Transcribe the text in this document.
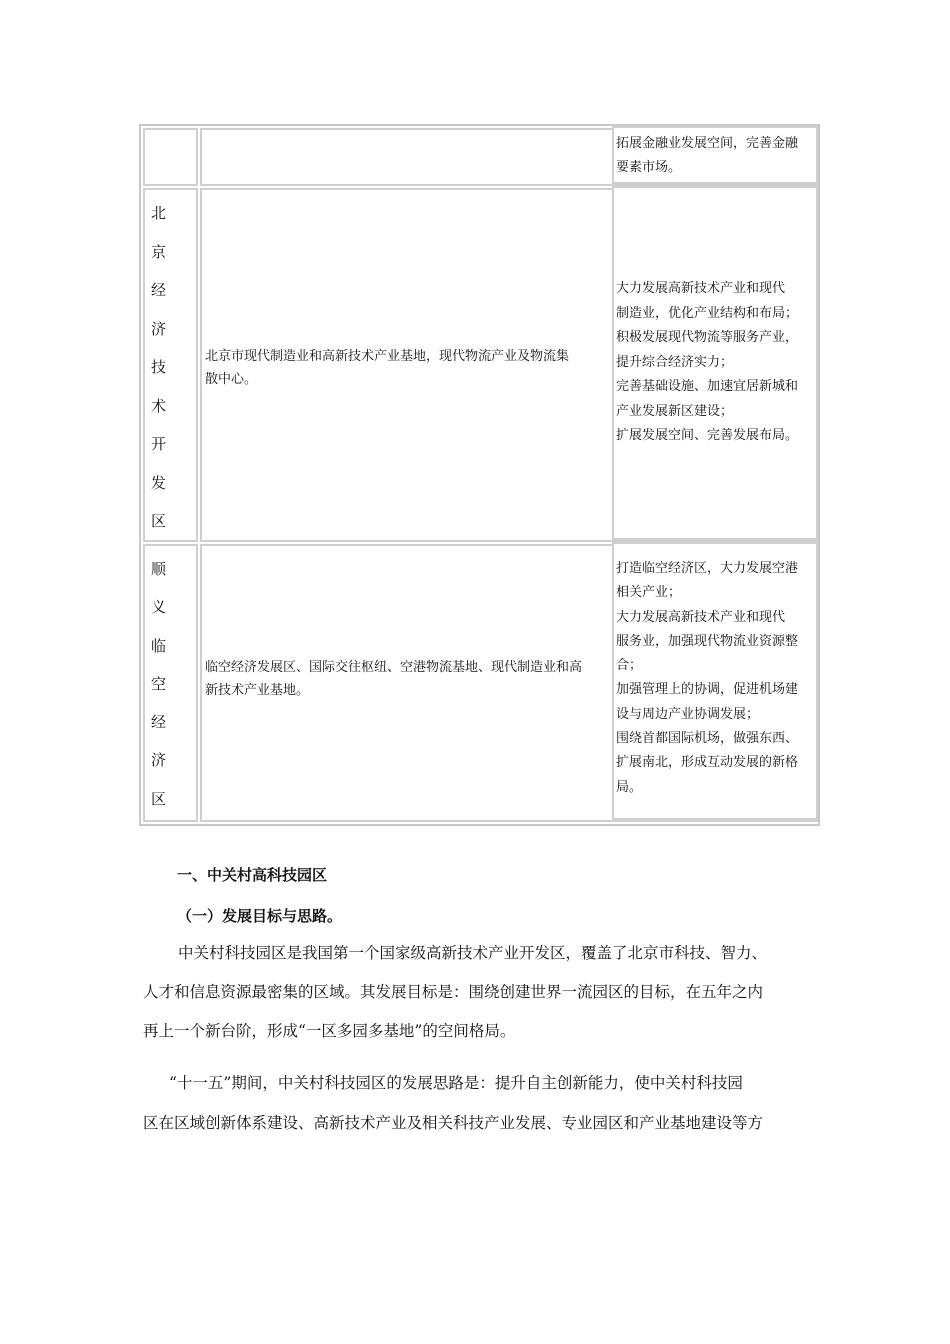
北京经济技术开发区
北京市现代制造业和高新技术产业基地，现代物流产业及物流集
散中心。
顺义临空经济区
临空经济发展区、国际交往枢纽、空港物流基地、现代制造业和高
新技术产业基地。
拓展金融业发展空间，完善金融
要素市场。
大力发展高新技术产业和现代
制造业，优化产业结构和布局；
积极发展现代物流等服务产业，
提升综合经济实力；
完善基础设施、加速宜居新城和
产业发展新区建设；
扩展发展空间、完善发展布局。
打造临空经济区，大力发展空港
相关产业；
大力发展高新技术产业和现代
服务业，加强现代物流业资源整
合；
加强管理上的协调，促进机场建
设与周边产业协调发展；
围绕首都国际机场，做强东西、
扩展南北，形成互动发展的新格
局。
一、中关村高科技园区
（一）发展目标与思路。
中关村科技园区是我国第一个国家级高新技术产业开发区，覆盖了北京市科技、智力、
人才和信息资源最密集的区域。其发展目标是：围绕创建世界一流园区的目标，在五年之内
再上一个新台阶，形成“一区多园多基地”的空间格局。
“十一五”期间，中关村科技园区的发展思路是：提升自主创新能力，使中关村科技园
区在区域创新体系建设、高新技术产业及相关科技产业发展、专业园区和产业基地建设等方
